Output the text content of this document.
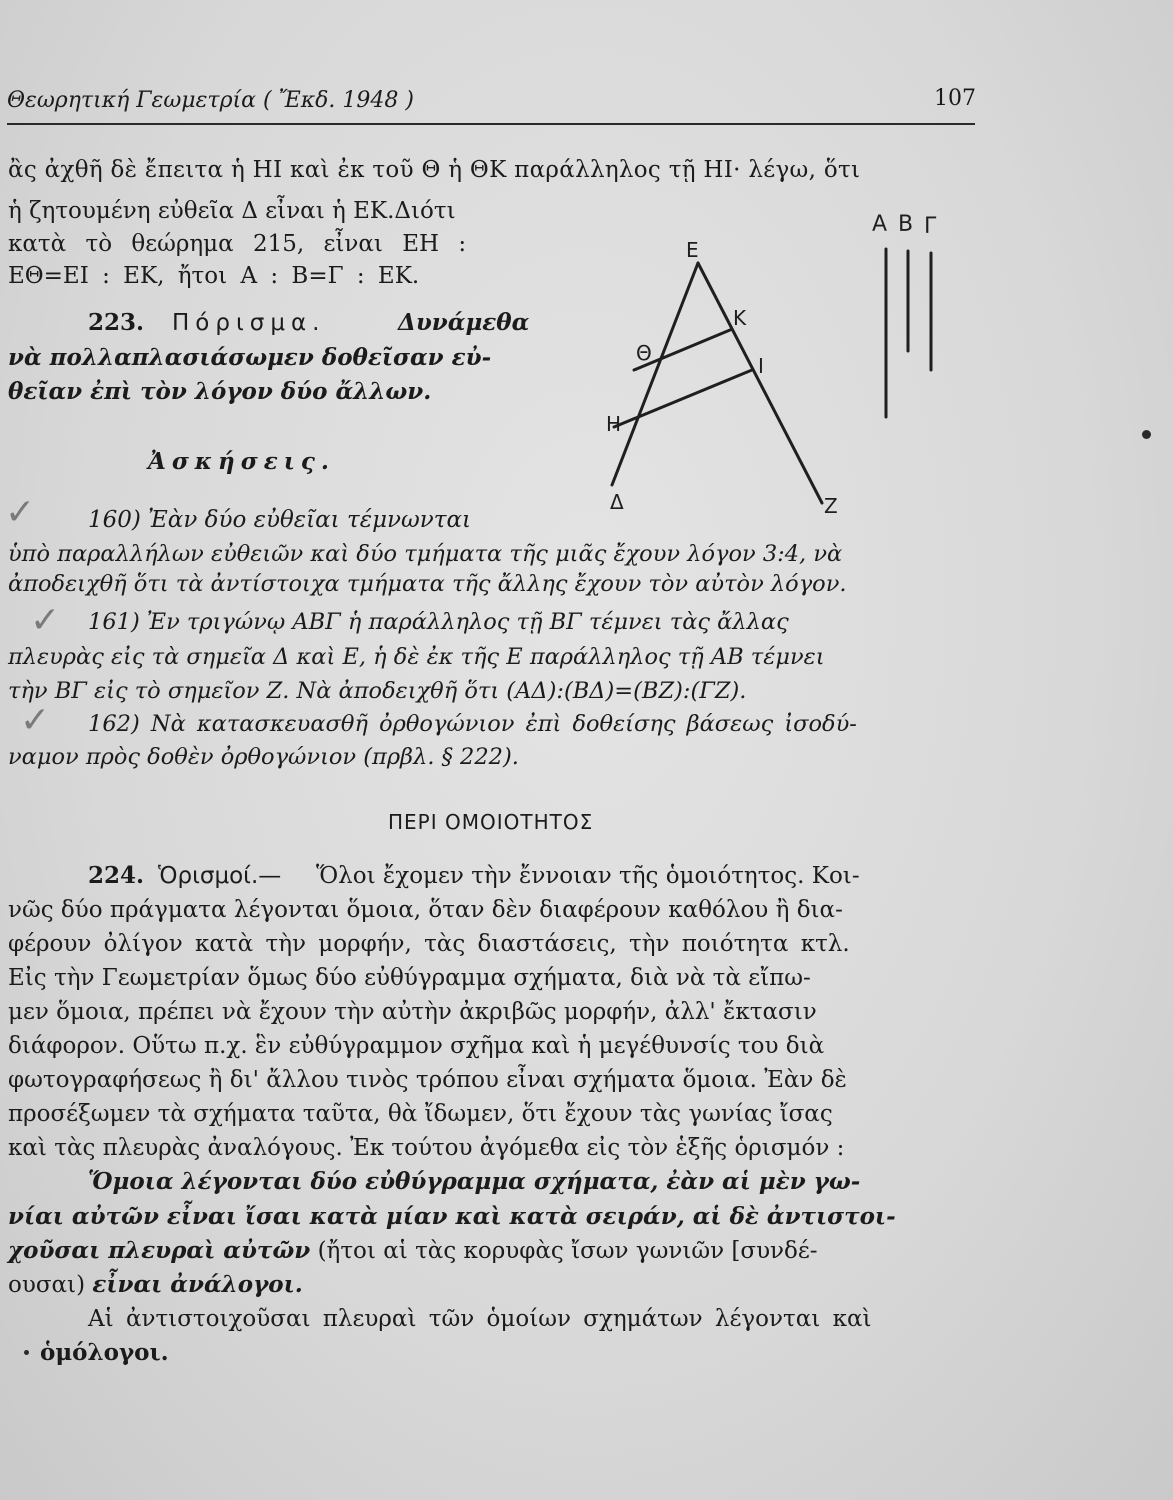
Θεωρητική Γεωμετρία ( Ἔκδ. 1948 )	107
ἂς ἀχθῆ δὲ ἔπειτα ἡ ΗΙ καὶ ἐκ τοῦ Θ ἡ ΘΚ παράλληλος τῇ ΗΙ· λέγω, ὅτι
ἡ ζητουμένη εὐθεῖα Δ εἶναι ἡ ΕΚ.Διότι
κατὰ τὸ θεώρημα 215, εἶναι ΕΗ :
ΕΘ=ΕΙ : ΕΚ, ἤτοι Α : Β=Γ : ΕΚ.
223. Πόρισμα.	Δυνάμεθα
νὰ πολλαπλασιάσωμεν δοθεῖσαν εὐ-
θεῖαν ἐπὶ τὸν λόγον δύο ἄλλων.
Ἀσκήσεις.
✓ 160) Ἐὰν δύο εὐθεῖαι τέμνωνται
ὑπὸ παραλλήλων εὐθειῶν καὶ δύο τμήματα τῆς μιᾶς ἔχουν λόγον 3:4, νὰ
ἀποδειχθῆ ὅτι τὰ ἀντίστοιχα τμήματα τῆς ἄλλης ἔχουν τὸν αὐτὸν λόγον.
✓ 161) Ἐν τριγώνῳ ΑΒΓ ἡ παράλληλος τῇ ΒΓ τέμνει τὰς ἄλλας
πλευρὰς εἰς τὰ σημεῖα Δ καὶ Ε, ἡ δὲ ἐκ τῆς Ε παράλληλος τῇ ΑΒ τέμνει
τὴν ΒΓ εἰς τὸ σημεῖον Ζ. Νὰ ἀποδειχθῆ ὅτι (ΑΔ):(ΒΔ)=(ΒΖ):(ΓΖ).
✓ 162) Νὰ κατασκευασθῆ ὀρθογώνιον ἐπὶ δοθείσης βάσεως ἰσοδύ-
ναμον πρὸς δοθὲν ὀρθογώνιον (πρβλ. § 222).
ΠΕΡΙ ΟΜΟΙΟΤΗΤΟΣ
224. Ὁρισμοί.— Ὅλοι ἔχομεν τὴν ἔννοιαν τῆς ὁμοιότητος. Κοι-
νῶς δύο πράγματα λέγονται ὅμοια, ὅταν δὲν διαφέρουν καθόλου ἢ δια-
φέρουν ὀλίγον κατὰ τὴν μορφήν, τὰς διαστάσεις, τὴν ποιότητα κτλ.
Εἰς τὴν Γεωμετρίαν ὅμως δύο εὐθύγραμμα σχήματα, διὰ νὰ τὰ εἴπω-
μεν ὅμοια, πρέπει νὰ ἔχουν τὴν αὐτὴν ἀκριβῶς μορφήν, ἀλλ' ἔκτασιν
διάφορον. Οὕτω π.χ. ἓν εὐθύγραμμον σχῆμα καὶ ἡ μεγέθυνσίς του διὰ
φωτογραφήσεως ἢ δι' ἄλλου τινὸς τρόπου εἶναι σχήματα ὅμοια. Ἐὰν δὲ
προσέξωμεν τὰ σχήματα ταῦτα, θὰ ἴδωμεν, ὅτι ἔχουν τὰς γωνίας ἴσας
καὶ τὰς πλευρὰς ἀναλόγους. Ἐκ τούτου ἀγόμεθα εἰς τὸν ἑξῆς ὁρισμόν :
Ὅμοια λέγονται δύο εὐθύγραμμα σχήματα, ἐὰν αἱ μὲν γω-
νίαι αὐτῶν εἶναι ἴσαι κατὰ μίαν καὶ κατὰ σειράν, αἱ δὲ ἀντιστοι-
χοῦσαι πλευραὶ αὐτῶν (ἤτοι αἱ τὰς κορυφὰς ἴσων γωνιῶν [συνδέ-
ουσαι) εἶναι ἀνάλογοι.
Αἱ ἀντιστοιχοῦσαι πλευραὶ τῶν ὁμοίων σχημάτων λέγονται καὶ
ὁμόλογοι.
Ε
Κ
Θ
Ι
Η
Δ	Ζ
Α Β Γ
